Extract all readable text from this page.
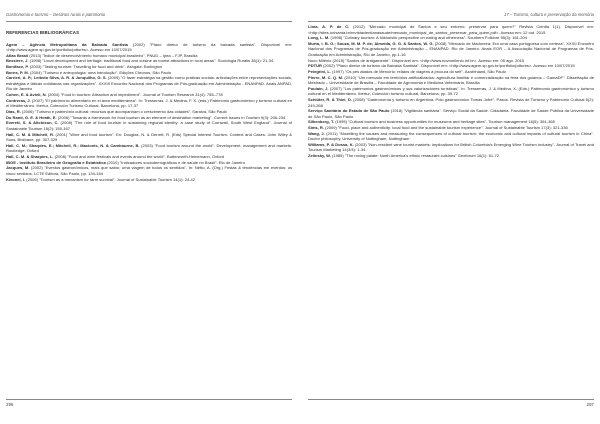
Gastronomia e turismo – Destinos rurais e patrimonio
REFERENCIAS BIBLIOGRÁFICAS
Agem – Agência Metropolitana da Baixada Santista (2002) "Plano diretor de turismo da baixada santista". Disponível em: <http://www.agem.sp.gov.br/portfolio/pdturbs>. Acesso em 10/07/2015
Atlas Brasil (2013) "Índice de desenvolvimento humano municipal brasileiro". PNUD – Ipea – FJP, Brasília
Bessiere, J. (1998) "Local development and heritage: traditional food and cuisine as tourist attractions in rural areas". Sociologia Ruralis 38(1): 21-34
Boniface, P. (2003) "Tasting tourism: Travelling for food and drink". Ashgate: Burlington
Burns, P. M. (2004) "Turismo e antropologia: uma introdução". Edições Chronos, São Paulo
Carrieri, A. P.; Leitedo Silva, A. R. & Junquilho, G. S. (2009) "O fazer estratégia na gestão como práticas sociais: articulações entre representações sociais, estratégias e táticas cotidianas nas organizações". XXXIII Encontro Nacional dos Programas de Pós-graduação em Administração - ENANPAD. Anais ANPAD, Rio de Janeiro
Cohen, E. & Avieli, N. (2004) "Food in tourism: Attraction and impediment". Journal of Tourism Research 31(4): 755–778
Contreras, J. (2007) "El patrimonio alimentario en el área mediterránea". In: Tresserras, J. & Medina, F. X. (eds.) Patrimonio gastronómico y turismo cultural en el Mediterráneo. Ibertur, Colección Turismo Cultural, Barcelona, pp. 17-37
Dias, R. (2006) "Turismo e patrimônio cultural: recursos que acompanham o crescimento das cidades". Saraiva, São Paulo
Du Rand, G. E. & Heath, E. (2006) "Towards a framework for food tourism as an element of destination marketing". Current Issues in Tourism 9(3): 206-234
Everett, S. & Aitchison, C. (2008) "The role of food tourism in sustaining regional identity: a case study of Cornwall, South West England". Journal of Sustainable Tourism 16(2): 150-167
Hall, C. M. & Mitchell, R. (2001) "Wine and food tourism". En: Douglas, N. & Derrett, R. (Eds) Special Interest Tourism: Context and Cases. John Wiley & Sons, Brisbane, pp. 307-329
Hall, C. M.; Sharples, E.; Mitchell, R.; Macionis, N. & Cambourne, B. (2003) "Food tourism around the world". Development, management and markets. Routledge, Oxford
Hall, C. M. & Sharples, L. (2008) "Food and wine festivals and events around the world". Butterworth-Heinemann, Oxford
IBGE - Instituto Brasileiro de Geografia e Estatística (2010) "Indicadores sociodemográficos e de saúde no Brasil". Rio de Janeiro
Jacques, M. (2002) "Eventos gastronômicos, mais que sabor, uma viagem de todos os sentidos". In: Netto, A. (Org.) Festas & tendências em eventos: os cinco sentidos. LCTE Editora, São Paulo, pp. 134-154
Kivonel, I. (2006) "Tourism as a mecanism for farm survival". Journal of Sustainable Tourism 14(1): 24-42
296
17 – Turismo, cultura e preservação da memória
Lima, A. P. de C. (2012) "Mercado municipal de Santos e seu entorno: preservar para quem?" Revista Cientia 1(1). Disponível em: <http://sites.unisanta.br/revistacientianasaude/mercado_municipal_de_santos_preservar_para_quem.pdf>. Acesso em: 12 out. 2015
Long, L. M. (1998) "Culinary tourism: A folkloristic perspective on eating and otherness". Southern Folklore 55(3): 181-204
Murta, I. B. G.; Souza, M. M. P. de; Almeida, G. G. & Santos, W. G. (2008) "Mercado de Madureira: Era uma casa portuguesa com certeza". XXXII Encontro Nacional dos Programas de Pós-graduação em Administração – ENANPAD. Rio de Janeiro. Anais EOR – A Associação Nacional de Programas de Pós-Graduação em Administração, Rio de Janeiro, pp.1-16
Novo Milênio (2015) "Santos de antigamente". Disponível em: <http://www.novomilenio.inf.br>. Acesso em: 05 ago. 2015
PDTUR (2002) "Plano diretor de turismo da Baixada Santista". Disponível em: <http://www.agem.sp.gov.br/portfolio/pdturbs>. Acesso em 10/07/2015
Pelegrini, L. (1997) "Os pés atados de Mercúrio: relatos de viagens à procura do self". Azahrhawd, São Paulo
Pierre, M. C. Q. M. (2010) "Um mercado em territórios artificializados: agricultura familiar e comercialização na feira dos goianos – GamaDF". Dissertação de Mestrado – Universidade de Brasília – Faculdade de Agronomia e Medicina Veterinária, Brasília
Poulain, J. (2007) "Los patrimonios gastronómicos y sus valorizaciones turísticas". In: Tresserras, J. & Medina, X. (Eds.) Patrimonio gastronómico y turismo cultural en el Mediterráneo. Ibertur, Colección turismo cultural, Barcelona, pp. 39-72
Schlüter, R. & Thiel, D. (2008) "Gastronomía y turismo en Argentina. Polo gastronómico Tomas Jofré". Pasos. Revista de Turismo y Patrimonio Cultural 6(2): 249-268
Serviço Sanitário do Estado de São Paulo (1918) "Vigilância sanitária". Serviço Social da Saúde. Cidadania. Faculdade de Saúde Pública da Universidade de São Paulo, São Paulo
Silkenberg, T. (1995) "Cultural tourism and business opportunities for museums and heritage sites". Tourism management 16(5): 361-365
Sims, R. (2009) "Food, place and authenticity: local food and the sustainable tourism experience". Journal of Sustainable Tourism 17(3): 321-336
Wang, J. (2011) "Modelling the causes and measuring the consequences of cultural tourism: the economic and cultural impacts of cultural tourism in China". Doctor philosophy. University of Nottingham, Nottingham
Williams, P. & Dossa, K. (2003) "Non-resident wine tourist markets: implications for British Columbia's Emerging Wine Tourism Industry". Journal of Travel and Tourism Marketing 14(3/4): 1-34
Zelinsky, W. (1985) "The roving palate: North America's ethnic restaurant cuisines" Geoforum 16(1): 51-72
297
